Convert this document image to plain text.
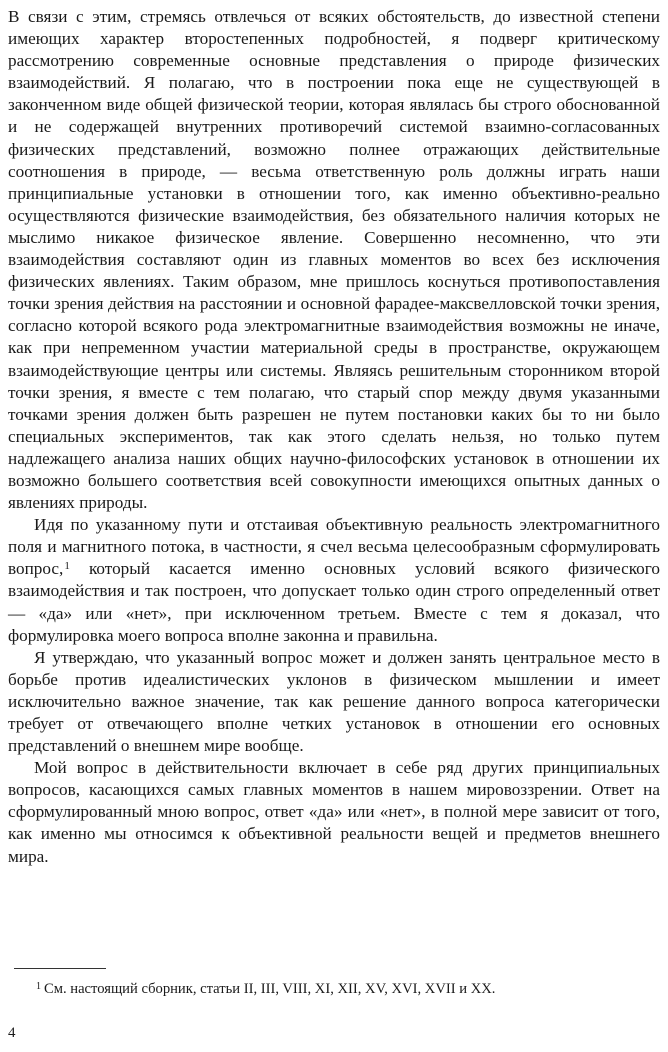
В связи с этим, стремясь отвлечься от всяких обстоятельств, до известной степени имеющих характер второстепенных подробностей, я подверг критическому рассмотрению современные основные представления о природе физических взаимодействий. Я полагаю, что в построении пока еще не существующей в законченном виде общей физической теории, которая являлась бы строго обоснованной и не содержащей внутренних противоречий системой взаимно-согласованных физических представлений, возможно полнее отражающих действительные соотношения в природе, — весьма ответственную роль должны играть наши принципиальные установки в отношении того, как именно объективно-реально осуществляются физические взаимодействия, без обязательного наличия которых не мыслимо никакое физическое явление. Совершенно несомненно, что эти взаимодействия составляют один из главных моментов во всех без исключения физических явлениях. Таким образом, мне пришлось коснуться противопоставления точки зрения действия на расстоянии и основной фарадее-максвелловской точки зрения, согласно которой всякого рода электромагнитные взаимодействия возможны не иначе, как при непременном участии материальной среды в пространстве, окружающем взаимодействующие центры или системы. Являясь решительным сторонником второй точки зрения, я вместе с тем полагаю, что старый спор между двумя указанными точками зрения должен быть разрешен не путем постановки каких бы то ни было специальных экспериментов, так как этого сделать нельзя, но только путем надлежащего анализа наших общих научно-философских установок в отношении их возможно большего соответствия всей совокупности имеющихся опытных данных о явлениях природы.

Идя по указанному пути и отстаивая объективную реальность электромагнитного поля и магнитного потока, в частности, я счел весьма целесообразным сформулировать вопрос,$^1$ который касается именно основных условий всякого физического взаимодействия и так построен, что допускает только один строго определенный ответ — «да» или «нет», при исключенном третьем. Вместе с тем я доказал, что формулировка моего вопроса вполне законна и правильна.

Я утверждаю, что указанный вопрос может и должен занять центральное место в борьбе против идеалистических уклонов в физическом мышлении и имеет исключительно важное значение, так как решение данного вопроса категорически требует от отвечающего вполне четких установок в отношении его основных представлений о внешнем мире вообще.

Мой вопрос в действительности включает в себе ряд других принципиальных вопросов, касающихся самых главных моментов в нашем мировоззрении. Ответ на сформулированный мною вопрос, ответ «да» или «нет», в полной мере зависит от того, как именно мы относимся к объективной реальности вещей и предметов внешнего мира.

$^1$ См. настоящий сборник, статьи II, III, VIII, XI, XII, XV, XVI, XVII и XX.

4
